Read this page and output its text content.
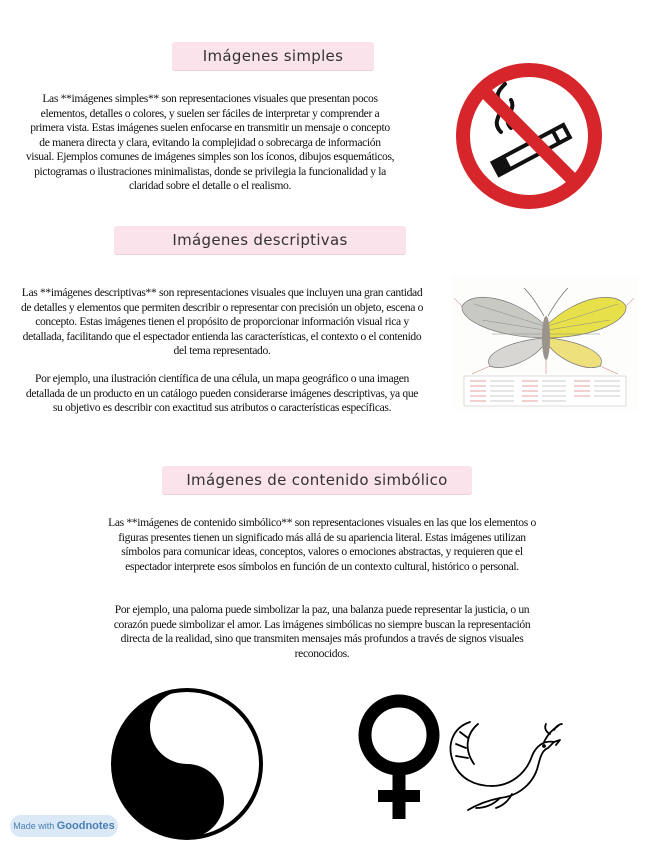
Imágenes simples

Las **imágenes simples** son representaciones visuales que presentan pocos elementos, detalles o colores, y suelen ser fáciles de interpretar y comprender a primera vista. Estas imágenes suelen enfocarse en transmitir un mensaje o concepto de manera directa y clara, evitando la complejidad o sobrecarga de información visual. Ejemplos comunes de imágenes simples son los íconos, dibujos esquemáticos, pictogramas o ilustraciones minimalistas, donde se privilegia la funcionalidad y la claridad sobre el detalle o el realismo.

Imágenes descriptivas

Las **imágenes descriptivas** son representaciones visuales que incluyen una gran cantidad de detalles y elementos que permiten describir o representar con precisión un objeto, escena o concepto. Estas imágenes tienen el propósito de proporcionar información visual rica y detallada, facilitando que el espectador entienda las características, el contexto o el contenido del tema representado.

Por ejemplo, una ilustración científica de una célula, un mapa geográfico o una imagen detallada de un producto en un catálogo pueden considerarse imágenes descriptivas, ya que su objetivo es describir con exactitud sus atributos o características específicas.

Imágenes de contenido simbólico

Las **imágenes de contenido simbólico** son representaciones visuales en las que los elementos o figuras presentes tienen un significado más allá de su apariencia literal. Estas imágenes utilizan símbolos para comunicar ideas, conceptos, valores o emociones abstractas, y requieren que el espectador interprete esos símbolos en función de un contexto cultural, histórico o personal.

Por ejemplo, una paloma puede simbolizar la paz, una balanza puede representar la justicia, o un corazón puede simbolizar el amor. Las imágenes simbólicas no siempre buscan la representación directa de la realidad, sino que transmiten mensajes más profundos a través de signos visuales reconocidos.

Made with Goodnotes
